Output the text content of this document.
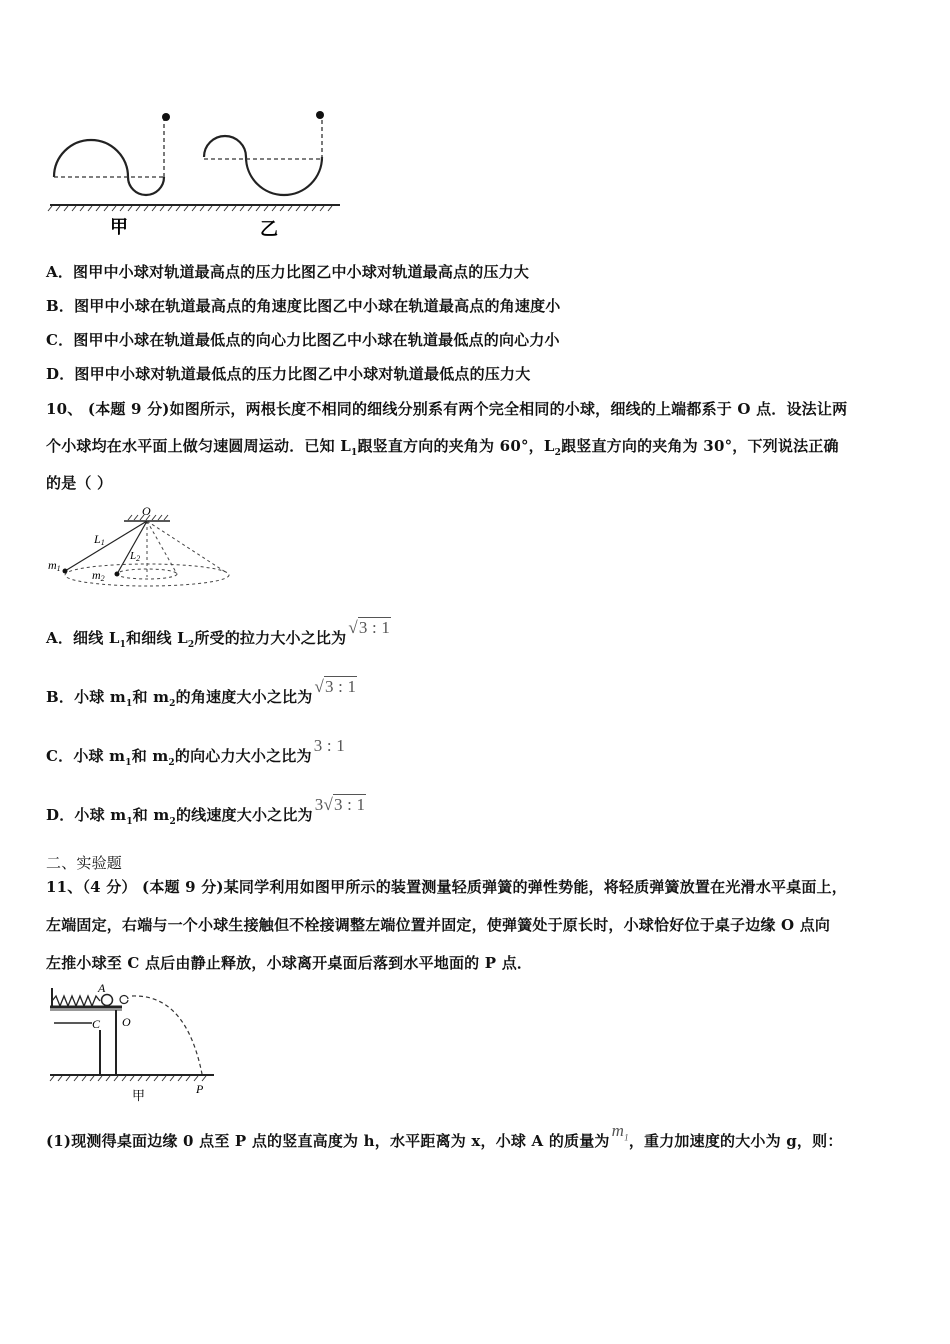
甲	乙
A．图甲中小球对轨道最高点的压力比图乙中小球对轨道最高点的压力大
B．图甲中小球在轨道最高点的角速度比图乙中小球在轨道最高点的角速度小
C．图甲中小球在轨道最低点的向心力比图乙中小球在轨道最低点的向心力小
D．图甲中小球对轨道最低点的压力比图乙中小球对轨道最低点的压力大
10、 (本题 9 分)如图所示，两根长度不相同的细线分别系有两个完全相同的小球，细线的上端都系于 O 点．设法让两
个小球均在水平面上做匀速圆周运动．已知 $L_1$跟竖直方向的夹角为 60°，$L_2$跟竖直方向的夹角为 30°，下列说法正确
的是（ ）
O
L1
L2
m1	m2
A．细线 $L_1$和细线 $L_2$所受的拉力大小之比为√3 : 1
B．小球 $m_1$和 $m_2$的角速度大小之比为√3 : 1
C．小球 $m_1$和 $m_2$的向心力大小之比为3 : 1
D．小球 $m_1$和 $m_2$的线速度大小之比为3√3 : 1
二、实验题
11、（4 分） (本题 9 分)某同学利用如图甲所示的装置测量轻质弹簧的弹性势能，将轻质弹簧放置在光滑水平桌面上，
左端固定，右端与一个小球生接触但不栓接调整左端位置并固定，使弹簧处于原长时，小球恰好位于桌子边缘 O 点向
左推小球至 C 点后由静止释放，小球离开桌面后落到水平地面的 P 点．
A
C O
P
甲
(1)现测得桌面边缘 0 点至 P 点的竖直高度为 h，水平距离为 x，小球 A 的质量为$m_1$，重力加速度的大小为 g，则：
